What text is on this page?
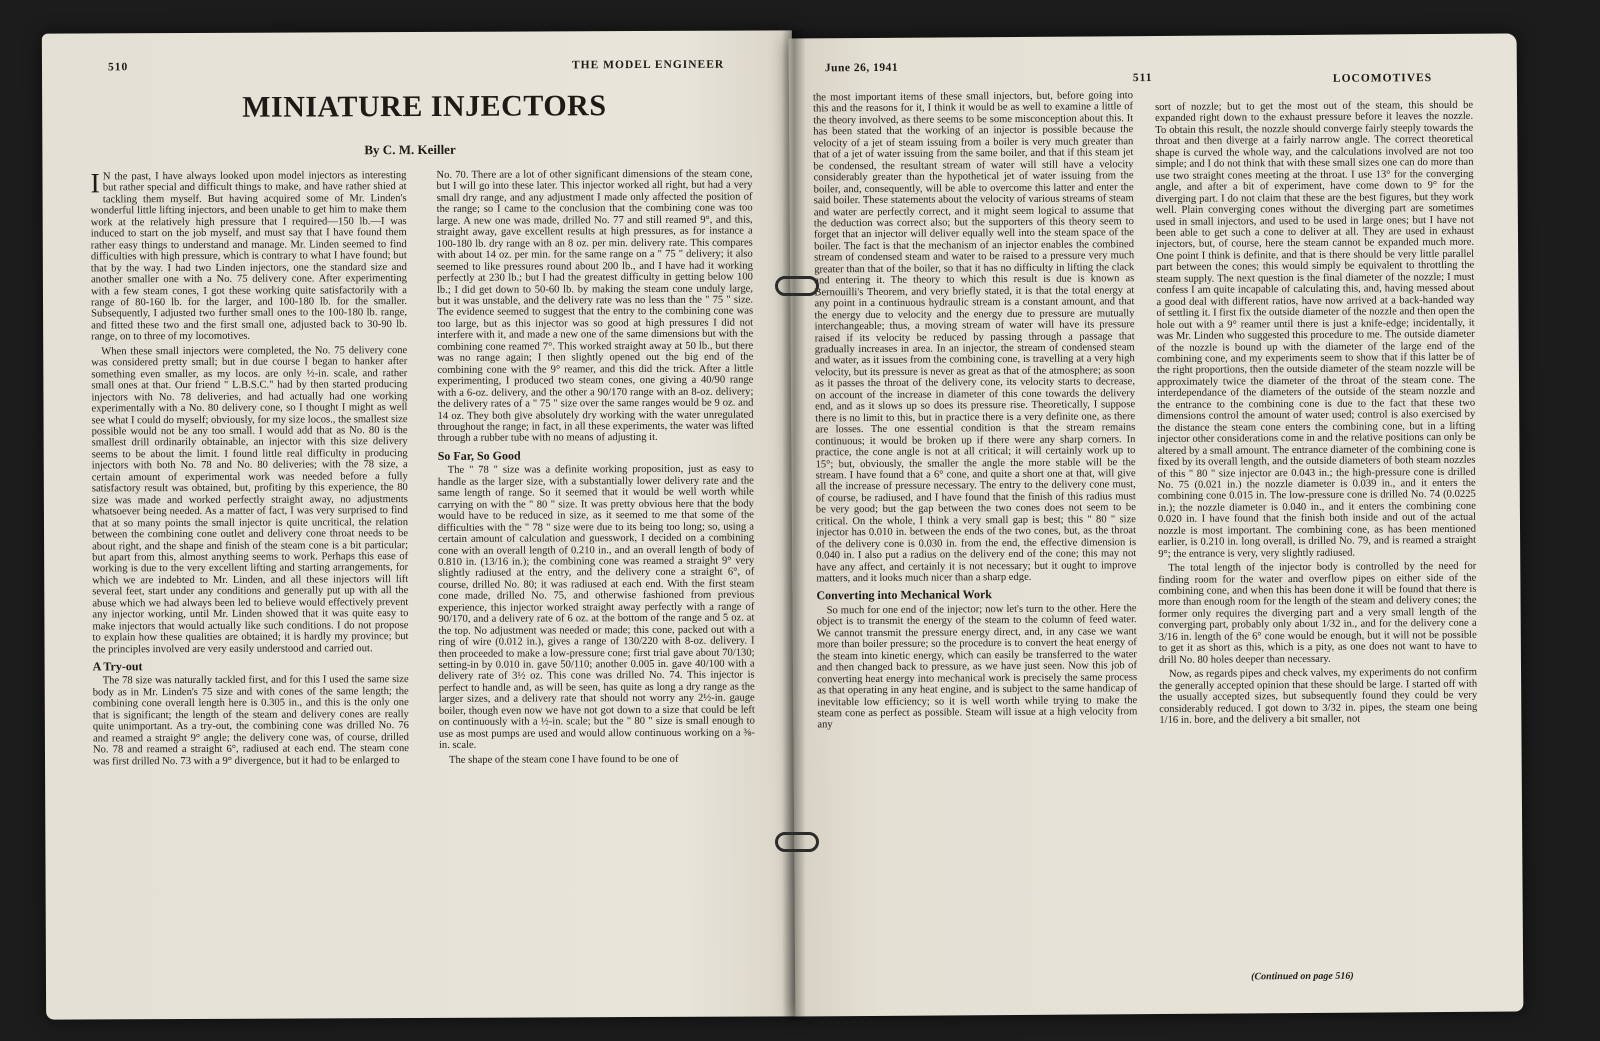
510	THE MODEL ENGINEER
MINIATURE INJECTORS
By C. M. Keiller

I N the past, I have always looked upon model injectors as interesting but rather special and difficult things to make, and have rather shied at tackling them myself. But having acquired some of Mr. Linden's wonderful little lifting injectors, and been unable to get him to make them work at the relatively high pressure that I required—150 lb.—I was induced to start on the job myself, and must say that I have found them rather easy things to understand and manage. Mr. Linden seemed to find difficulties with high pressure, which is contrary to what I have found; but that by the way. I had two Linden injectors, one the standard size and another smaller one with a No. 75 delivery cone. After experimenting with a few steam cones, I got these working quite satisfactorily with a range of 80-160 lb. for the larger, and 100-180 lb. for the smaller. Subsequently, I adjusted two further small ones to the 100-180 lb. range, and fitted these two and the first small one, adjusted back to 30-90 lb. range, on to three of my locomotives.

When these small injectors were completed, the No. 75 delivery cone was considered pretty small; but in due course I began to hanker after something even smaller, as my locos. are only ½-in. scale, and rather small ones at that. Our friend " L.B.S.C." had by then started producing injectors with No. 78 deliveries, and had actually had one working experimentally with a No. 80 delivery cone, so I thought I might as well see what I could do myself; obviously, for my size locos., the smallest size possible would not be any too small. I would add that as No. 80 is the smallest drill ordinarily obtainable, an injector with this size delivery seems to be about the limit. I found little real difficulty in producing injectors with both No. 78 and No. 80 deliveries; with the 78 size, a certain amount of experimental work was needed before a fully satisfactory result was obtained, but, profiting by this experience, the 80 size was made and worked perfectly straight away, no adjustments whatsoever being needed. As a matter of fact, I was very surprised to find that at so many points the small injector is quite uncritical, the relation between the combining cone outlet and delivery cone throat needs to be about right, and the shape and finish of the steam cone is a bit particular; but apart from this, almost anything seems to work. Perhaps this ease of working is due to the very excellent lifting and starting arrangements, for which we are indebted to Mr. Linden, and all these injectors will lift several feet, start under any conditions and generally put up with all the abuse which we had always been led to believe would effectively prevent any injector working, until Mr. Linden showed that it was quite easy to make injectors that would actually like such conditions. I do not propose to explain how these qualities are obtained; it is hardly my province; but the principles involved are very easily understood and carried out.

A Try-out

The 78 size was naturally tackled first, and for this I used the same size body as in Mr. Linden's 75 size and with cones of the same length; the combining cone overall length here is 0.305 in., and this is the only one that is significant; the length of the steam and delivery cones are really quite unimportant. As a try-out, the combining cone was drilled No. 76 and reamed a straight 9° angle; the delivery cone was, of course, drilled No. 78 and reamed a straight 6°, radiused at each end. The steam cone was first drilled No. 73 with a 9° divergence, but it had to be enlarged to

No. 70. There are a lot of other significant dimensions of the steam cone, but I will go into these later. This injector worked all right, but had a very small dry range, and any adjustment I made only affected the position of the range; so I came to the conclusion that the combining cone was too large. A new one was made, drilled No. 77 and still reamed 9°, and this, straight away, gave excellent results at high pressures, as for instance a 100-180 lb. dry range with an 8 oz. per min. delivery rate. This compares with about 14 oz. per min. for the same range on a " 75 " delivery; it also seemed to like pressures round about 200 lb., and I have had it working perfectly at 230 lb.; but I had the greatest difficulty in getting below 100 lb.; I did get down to 50-60 lb. by making the steam cone unduly large, but it was unstable, and the delivery rate was no less than the " 75 " size. The evidence seemed to suggest that the entry to the combining cone was too large, but as this injector was so good at high pressures I did not interfere with it, and made a new one of the same dimensions but with the combining cone reamed 7°. This worked straight away at 50 lb., but there was no range again; I then slightly opened out the big end of the combining cone with the 9° reamer, and this did the trick. After a little experimenting, I produced two steam cones, one giving a 40/90 range with a 6-oz. delivery, and the other a 90/170 range with an 8-oz. delivery; the delivery rates of a " 75 " size over the same ranges would be 9 oz. and 14 oz. They both give absolutely dry working with the water unregulated throughout the range; in fact, in all these experiments, the water was lifted through a rubber tube with no means of adjusting it.

So Far, So Good

The " 78 " size was a definite working proposition, just as easy to handle as the larger size, with a substantially lower delivery rate and the same length of range. So it seemed that it would be well worth while carrying on with the " 80 " size. It was pretty obvious here that the body would have to be reduced in size, as it seemed to me that some of the difficulties with the " 78 " size were due to its being too long; so, using a certain amount of calculation and guesswork, I decided on a combining cone with an overall length of 0.210 in., and an overall length of body of 0.810 in. (13/16 in.); the combining cone was reamed a straight 9° very slightly radiused at the entry, and the delivery cone a straight 6°, of course, drilled No. 80; it was radiused at each end. With the first steam cone made, drilled No. 75, and otherwise fashioned from previous experience, this injector worked straight away perfectly with a range of 90/170, and a delivery rate of 6 oz. at the bottom of the range and 5 oz. at the top. No adjustment was needed or made; this cone, packed out with a ring of wire (0.012 in.), gives a range of 130/220 with 8-oz. delivery. I then proceeded to make a low-pressure cone; first trial gave about 70/130; setting-in by 0.010 in. gave 50/110; another 0.005 in. gave 40/100 with a delivery rate of 3½ oz. This cone was drilled No. 74. This injector is perfect to handle and, as will be seen, has quite as long a dry range as the larger sizes, and a delivery rate that should not worry any 2½-in. gauge boiler, though even now we have not got down to a size that could be left on continuously with a ½-in. scale; but the " 80 " size is small enough to use as most pumps are used and would allow continuous working on a ⅜-in. scale.

The shape of the steam cone I have found to be one of

June 26, 1941
511	LOCOMOTIVES

the most important items of these small injectors, but, before going into this and the reasons for it, I think it would be as well to examine a little of the theory involved, as there seems to be some misconception about this. It has been stated that the working of an injector is possible because the velocity of a jet of steam issuing from a boiler is very much greater than that of a jet of water issuing from the same boiler, and that if this steam jet be condensed, the resultant stream of water will still have a velocity considerably greater than the hypothetical jet of water issuing from the boiler, and, consequently, will be able to overcome this latter and enter the said boiler. These statements about the velocity of various streams of steam and water are perfectly correct, and it might seem logical to assume that the deduction was correct also; but the supporters of this theory seem to forget that an injector will deliver equally well into the steam space of the boiler. The fact is that the mechanism of an injector enables the combined stream of condensed steam and water to be raised to a pressure very much greater than that of the boiler, so that it has no difficulty in lifting the clack and entering it. The theory to which this result is due is known as Bernouilli's Theorem, and very briefly stated, it is that the total energy at any point in a continuous hydraulic stream is a constant amount, and that the energy due to velocity and the energy due to pressure are mutually interchangeable; thus, a moving stream of water will have its pressure raised if its velocity be reduced by passing through a passage that gradually increases in area. In an injector, the stream of condensed steam and water, as it issues from the combining cone, is travelling at a very high velocity, but its pressure is never as great as that of the atmosphere; as soon as it passes the throat of the delivery cone, its velocity starts to decrease, on account of the increase in diameter of this cone towards the delivery end, and as it slows up so does its pressure rise. Theoretically, I suppose there is no limit to this, but in practice there is a very definite one, as there are losses. The one essential condition is that the stream remains continuous; it would be broken up if there were any sharp corners. In practice, the cone angle is not at all critical; it will certainly work up to 15°; but, obviously, the smaller the angle the more stable will be the stream. I have found that a 6° cone, and quite a short one at that, will give all the increase of pressure necessary. The entry to the delivery cone must, of course, be radiused, and I have found that the finish of this radius must be very good; but the gap between the two cones does not seem to be critical. On the whole, I think a very small gap is best; this " 80 " size injector has 0.010 in. between the ends of the two cones, but, as the throat of the delivery cone is 0.030 in. from the end, the effective dimension is 0.040 in. I also put a radius on the delivery end of the cone; this may not have any affect, and certainly it is not necessary; but it ought to improve matters, and it looks much nicer than a sharp edge.

Converting into Mechanical Work

So much for one end of the injector; now let's turn to the other. Here the object is to transmit the energy of the steam to the column of feed water. We cannot transmit the pressure energy direct, and, in any case we want more than boiler pressure; so the procedure is to convert the heat energy of the steam into kinetic energy, which can easily be transferred to the water and then changed back to pressure, as we have just seen. Now this job of converting heat energy into mechanical work is precisely the same process as that operating in any heat engine, and is subject to the same handicap of inevitable low efficiency; so it is well worth while trying to make the steam cone as perfect as possible. Steam will issue at a high velocity from any

sort of nozzle; but to get the most out of the steam, this should be expanded right down to the exhaust pressure before it leaves the nozzle. To obtain this result, the nozzle should converge fairly steeply towards the throat and then diverge at a fairly narrow angle. The correct theoretical shape is curved the whole way, and the calculations involved are not too simple; and I do not think that with these small sizes one can do more than use two straight cones meeting at the throat. I use 13° for the converging angle, and after a bit of experiment, have come down to 9° for the diverging part. I do not claim that these are the best figures, but they work well. Plain converging cones without the diverging part are sometimes used in small injectors, and used to be used in large ones; but I have not been able to get such a cone to deliver at all. They are used in exhaust injectors, but, of course, here the steam cannot be expanded much more. One point I think is definite, and that is there should be very little parallel part between the cones; this would simply be equivalent to throttling the steam supply. The next question is the final diameter of the nozzle; I must confess I am quite incapable of calculating this, and, having messed about a good deal with different ratios, have now arrived at a back-handed way of settling it. I first fix the outside diameter of the nozzle and then open the hole out with a 9° reamer until there is just a knife-edge; incidentally, it was Mr. Linden who suggested this procedure to me. The outside diameter of the nozzle is bound up with the diameter of the large end of the combining cone, and my experiments seem to show that if this latter be of the right proportions, then the outside diameter of the steam nozzle will be approximately twice the diameter of the throat of the steam cone. The interdependance of the diameters of the outside of the steam nozzle and the entrance to the combining cone is due to the fact that these two dimensions control the amount of water used; control is also exercised by the distance the steam cone enters the combining cone, but in a lifting injector other considerations come in and the relative positions can only be altered by a small amount. The entrance diameter of the combining cone is fixed by its overall length, and the outside diameters of both steam nozzles of this " 80 " size injector are 0.043 in.; the high-pressure cone is drilled No. 75 (0.021 in.) the nozzle diameter is 0.039 in., and it enters the combining cone 0.015 in. The low-pressure cone is drilled No. 74 (0.0225 in.); the nozzle diameter is 0.040 in., and it enters the combining cone 0.020 in. I have found that the finish both inside and out of the actual nozzle is most important. The combining cone, as has been mentioned earlier, is 0.210 in. long overall, is drilled No. 79, and is reamed a straight 9°; the entrance is very, very slightly radiused.

The total length of the injector body is controlled by the need for finding room for the water and overflow pipes on either side of the combining cone, and when this has been done it will be found that there is more than enough room for the length of the steam and delivery cones; the former only requires the diverging part and a very small length of the converging part, probably only about 1/32 in., and for the delivery cone a 3/16 in. length of the 6° cone would be enough, but it will not be possible to get it as short as this, which is a pity, as one does not want to have to drill No. 80 holes deeper than necessary.

Now, as regards pipes and check valves, my experiments do not confirm the generally accepted opinion that these should be large. I started off with the usually accepted sizes, but subsequently found they could be very considerably reduced. I got down to 3/32 in. pipes, the steam one being 1/16 in. bore, and the delivery a bit smaller, not

(Continued on page 516)
